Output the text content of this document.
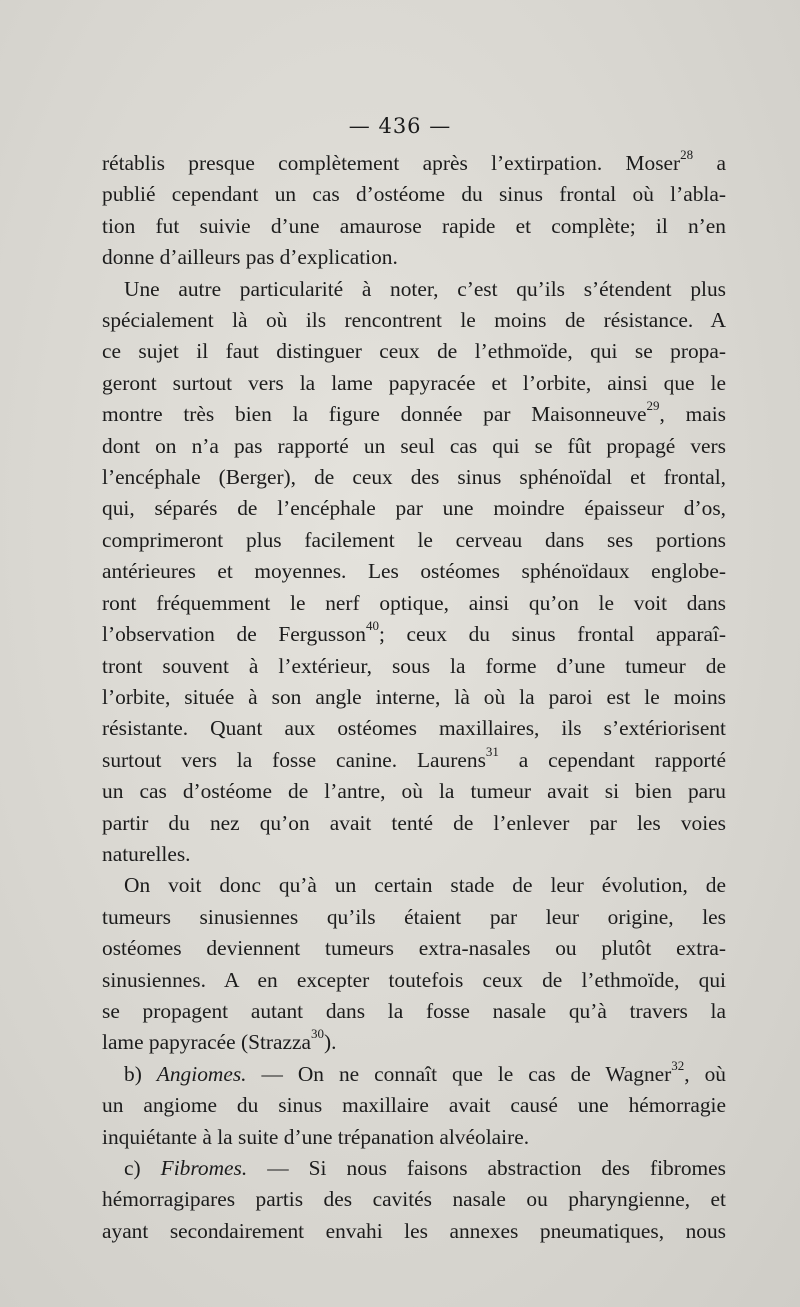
— 436 —
rétablis presque complètement après l’extirpation. Moser$^{28}$ a
publié cependant un cas d’ostéome du sinus frontal où l’abla-
tion fut suivie d’une amaurose rapide et complète; il n’en
donne d’ailleurs pas d’explication.
Une autre particularité à noter, c’est qu’ils s’étendent plus
spécialement là où ils rencontrent le moins de résistance. A
ce sujet il faut distinguer ceux de l’ethmoïde, qui se propa-
geront surtout vers la lame papyracée et l’orbite, ainsi que le
montre très bien la figure donnée par Maisonneuve$^{29}$, mais
dont on n’a pas rapporté un seul cas qui se fût propagé vers
l’encéphale (Berger), de ceux des sinus sphénoïdal et frontal,
qui, séparés de l’encéphale par une moindre épaisseur d’os,
comprimeront plus facilement le cerveau dans ses portions
antérieures et moyennes. Les ostéomes sphénoïdaux englobe-
ront fréquemment le nerf optique, ainsi qu’on le voit dans
l’observation de Fergusson$^{40}$; ceux du sinus frontal apparaî-
tront souvent à l’extérieur, sous la forme d’une tumeur de
l’orbite, située à son angle interne, là où la paroi est le moins
résistante. Quant aux ostéomes maxillaires, ils s’extériorisent
surtout vers la fosse canine. Laurens$^{31}$ a cependant rapporté
un cas d’ostéome de l’antre, où la tumeur avait si bien paru
partir du nez qu’on avait tenté de l’enlever par les voies
naturelles.
On voit donc qu’à un certain stade de leur évolution, de
tumeurs sinusiennes qu’ils étaient par leur origine, les
ostéomes deviennent tumeurs extra-nasales ou plutôt extra-
sinusiennes. A en excepter toutefois ceux de l’ethmoïde, qui
se propagent autant dans la fosse nasale qu’à travers la
lame papyracée (Strazza$^{30}$).
b) Angiomes. — On ne connaît que le cas de Wagner$^{32}$, où
un angiome du sinus maxillaire avait causé une hémorragie
inquiétante à la suite d’une trépanation alvéolaire.
c) Fibromes. — Si nous faisons abstraction des fibromes
hémorragipares partis des cavités nasale ou pharyngienne, et
ayant secondairement envahi les annexes pneumatiques, nous
